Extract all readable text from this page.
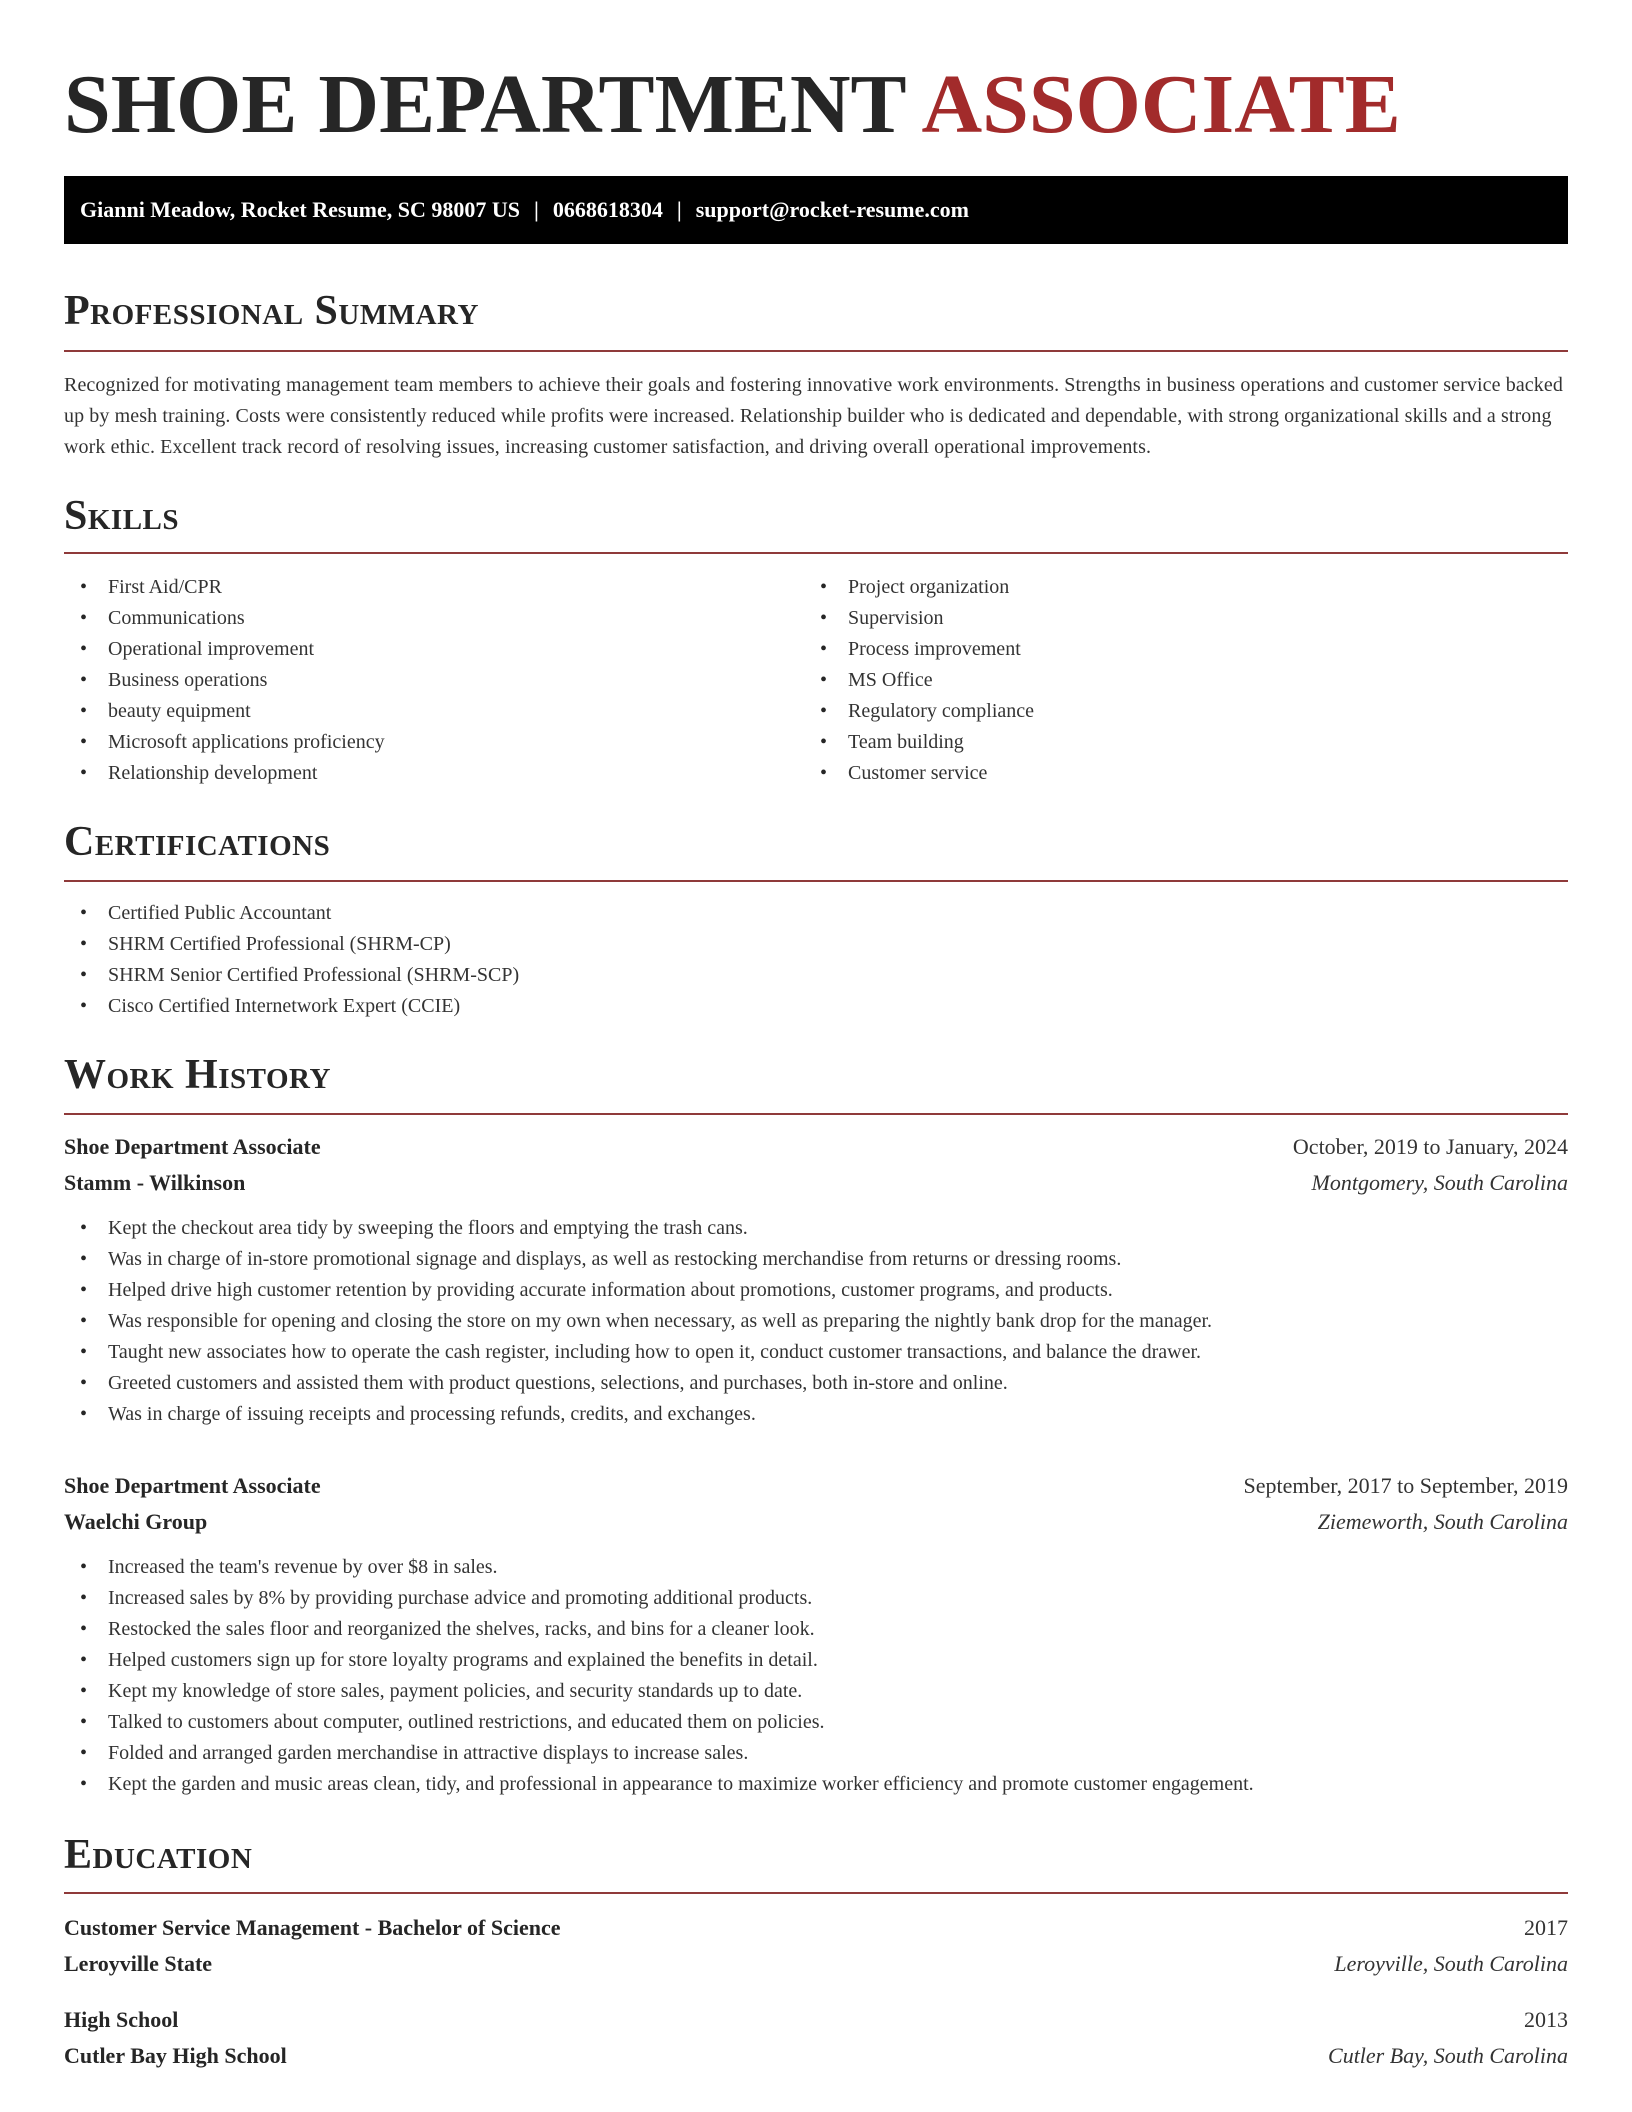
SHOE DEPARTMENT ASSOCIATE
Gianni Meadow, Rocket Resume, SC 98007 US | 0668618304 | support@rocket-resume.com
Professional Summary
Recognized for motivating management team members to achieve their goals and fostering innovative work environments. Strengths in business operations and customer service backed up by mesh training. Costs were consistently reduced while profits were increased. Relationship builder who is dedicated and dependable, with strong organizational skills and a strong work ethic. Excellent track record of resolving issues, increasing customer satisfaction, and driving overall operational improvements.
Skills
• First Aid/CPR
• Communications
• Operational improvement
• Business operations
• beauty equipment
• Microsoft applications proficiency
• Relationship development
• Project organization
• Supervision
• Process improvement
• MS Office
• Regulatory compliance
• Team building
• Customer service
Certifications
• Certified Public Accountant
• SHRM Certified Professional (SHRM-CP)
• SHRM Senior Certified Professional (SHRM-SCP)
• Cisco Certified Internetwork Expert (CCIE)
Work History
Shoe Department Associate	October, 2019 to January, 2024
Stamm - Wilkinson	Montgomery, South Carolina
• Kept the checkout area tidy by sweeping the floors and emptying the trash cans.
• Was in charge of in-store promotional signage and displays, as well as restocking merchandise from returns or dressing rooms.
• Helped drive high customer retention by providing accurate information about promotions, customer programs, and products.
• Was responsible for opening and closing the store on my own when necessary, as well as preparing the nightly bank drop for the manager.
• Taught new associates how to operate the cash register, including how to open it, conduct customer transactions, and balance the drawer.
• Greeted customers and assisted them with product questions, selections, and purchases, both in-store and online.
• Was in charge of issuing receipts and processing refunds, credits, and exchanges.
Shoe Department Associate	September, 2017 to September, 2019
Waelchi Group	Ziemeworth, South Carolina
• Increased the team's revenue by over $8 in sales.
• Increased sales by 8% by providing purchase advice and promoting additional products.
• Restocked the sales floor and reorganized the shelves, racks, and bins for a cleaner look.
• Helped customers sign up for store loyalty programs and explained the benefits in detail.
• Kept my knowledge of store sales, payment policies, and security standards up to date.
• Talked to customers about computer, outlined restrictions, and educated them on policies.
• Folded and arranged garden merchandise in attractive displays to increase sales.
• Kept the garden and music areas clean, tidy, and professional in appearance to maximize worker efficiency and promote customer engagement.
Education
Customer Service Management - Bachelor of Science	2017
Leroyville State	Leroyville, South Carolina
High School	2013
Cutler Bay High School	Cutler Bay, South Carolina
